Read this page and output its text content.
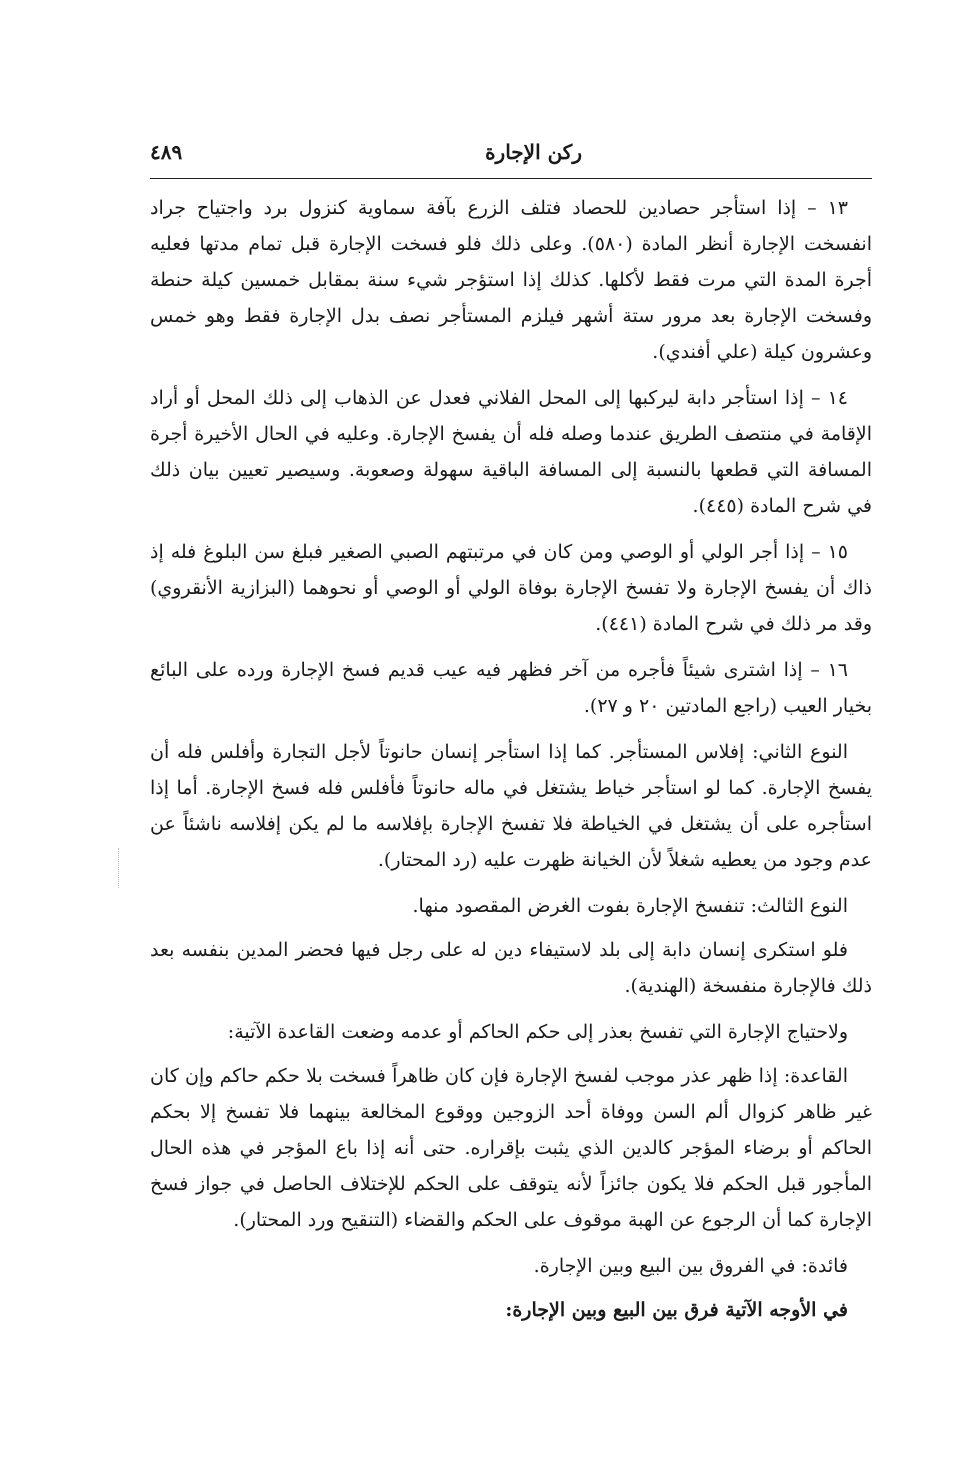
ركن الإجارة
٤٨٩

١٣ – إذا استأجر حصادين للحصاد فتلف الزرع بآفة سماوية كنزول برد واجتياح جراد انفسخت الإجارة أنظر المادة (٥٨٠). وعلى ذلك فلو فسخت الإجارة قبل تمام مدتها فعليه أجرة المدة التي مرت فقط لأكلها. كذلك إذا استؤجر شيء سنة بمقابل خمسين كيلة حنطة وفسخت الإجارة بعد مرور ستة أشهر فيلزم المستأجر نصف بدل الإجارة فقط وهو خمس وعشرون كيلة (علي أفندي).

١٤ – إذا استأجر دابة ليركبها إلى المحل الفلاني فعدل عن الذهاب إلى ذلك المحل أو أراد الإقامة في منتصف الطريق عندما وصله فله أن يفسخ الإجارة. وعليه في الحال الأخيرة أجرة المسافة التي قطعها بالنسبة إلى المسافة الباقية سهولة وصعوبة. وسيصير تعيين بيان ذلك في شرح المادة (٤٤٥).

١٥ – إذا أجر الولي أو الوصي ومن كان في مرتبتهم الصبي الصغير فبلغ سن البلوغ فله إذ ذاك أن يفسخ الإجارة ولا تفسخ الإجارة بوفاة الولي أو الوصي أو نحوهما (البزازية الأنقروي) وقد مر ذلك في شرح المادة (٤٤١).

١٦ – إذا اشترى شيئاً فأجره من آخر فظهر فيه عيب قديم فسخ الإجارة ورده على البائع بخيار العيب (راجع المادتين ٢٠ و ٢٧).

النوع الثاني: إفلاس المستأجر. كما إذا استأجر إنسان حانوتاً لأجل التجارة وأفلس فله أن يفسخ الإجارة. كما لو استأجر خياط يشتغل في ماله حانوتاً فأفلس فله فسخ الإجارة. أما إذا استأجره على أن يشتغل في الخياطة فلا تفسخ الإجارة بإفلاسه ما لم يكن إفلاسه ناشئاً عن عدم وجود من يعطيه شغلاً لأن الخيانة ظهرت عليه (رد المحتار).

النوع الثالث: تنفسخ الإجارة بفوت الغرض المقصود منها.

فلو استكرى إنسان دابة إلى بلد لاستيفاء دين له على رجل فيها فحضر المدين بنفسه بعد ذلك فالإجارة منفسخة (الهندية).

ولاحتياج الإجارة التي تفسخ بعذر إلى حكم الحاكم أو عدمه وضعت القاعدة الآتية:

القاعدة: إذا ظهر عذر موجب لفسخ الإجارة فإن كان ظاهراً فسخت بلا حكم حاكم وإن كان غير ظاهر كزوال ألم السن ووفاة أحد الزوجين ووقوع المخالعة بينهما فلا تفسخ إلا بحكم الحاكم أو برضاء المؤجر كالدين الذي يثبت بإقراره. حتى أنه إذا باع المؤجر في هذه الحال المأجور قبل الحكم فلا يكون جائزاً لأنه يتوقف على الحكم للإختلاف الحاصل في جواز فسخ الإجارة كما أن الرجوع عن الهبة موقوف على الحكم والقضاء (التنقيح ورد المحتار).

فائدة: في الفروق بين البيع وبين الإجارة.

في الأوجه الآتية فرق بين البيع وبين الإجارة:
